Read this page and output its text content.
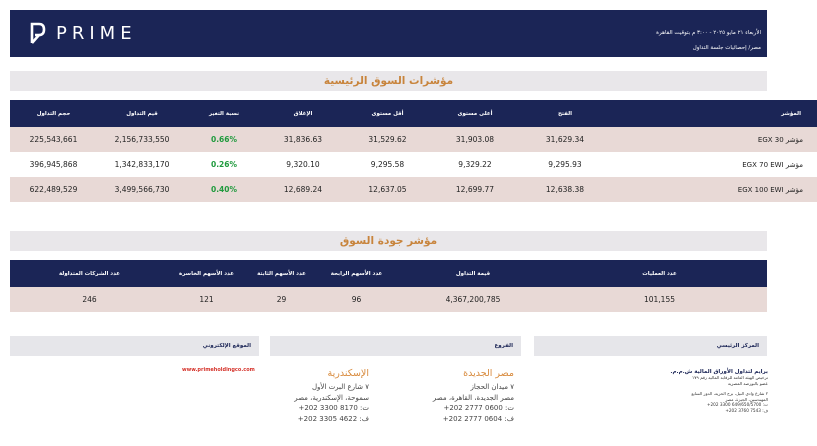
PRIME	الأربعاء ٢١ مايو ٢٠٢٥ - ٣:٠٠ م بتوقيت القاهرة
مصر/ إحصائيات جلسة التداول
مؤشرات السوق الرئيسية
المؤشر	الفتح	أعلى مستوى	أقل مستوى	الإغلاق	نسبة التغير	قيم التداول	حجم التداول
مؤشر EGX 30	31,629.34	31,903.08	31,529.62	31,836.63	0.66%	2,156,733,550	225,543,661
مؤشر EGX 70 EWI	9,295.93	9,329.22	9,295.58	9,320.10	0.26%	1,342,833,170	396,945,868
مؤشر EGX 100 EWI	12,638.38	12,699.77	12,637.05	12,689.24	0.40%	3,499,566,730	622,489,529
مؤشر جودة السوق
عدد العمليات	قيمة التداول	عدد الأسهم الرابحة	عدد الأسهم الثابتة	عدد الأسهم الخاسرة	عدد الشركات المتداولة
101,155	4,367,200,785	96	29	121	246
الموقع الإلكتروني	الفروع	المركز الرئيسي
www.primeholdingco.com	مصر الجديدة
٧ ميدان الحجاز
مصر الجديدة، القاهرة، مصر
ت: 0600 2777 202+
ف: 0604 2777 202+
الإسكندرية
٧ شارع البرت الأول
سموحة، الإسكندرية، مصر
ت: 8170 3300 202+
ف: 4622 3305 202+
برايم لتداول الأوراق المالية ش.م.م.
ترخيص الهيئة العامة للرقابة المالية رقم ١٧٩
عضو بالبورصة المصرية
٢ شارع وادي النيل، برج الحرية، الدور السابع
المهندسين، الجيزة، مصر
ت: 649/650/5700 3300 202+
ف: 7543 3760 202+
